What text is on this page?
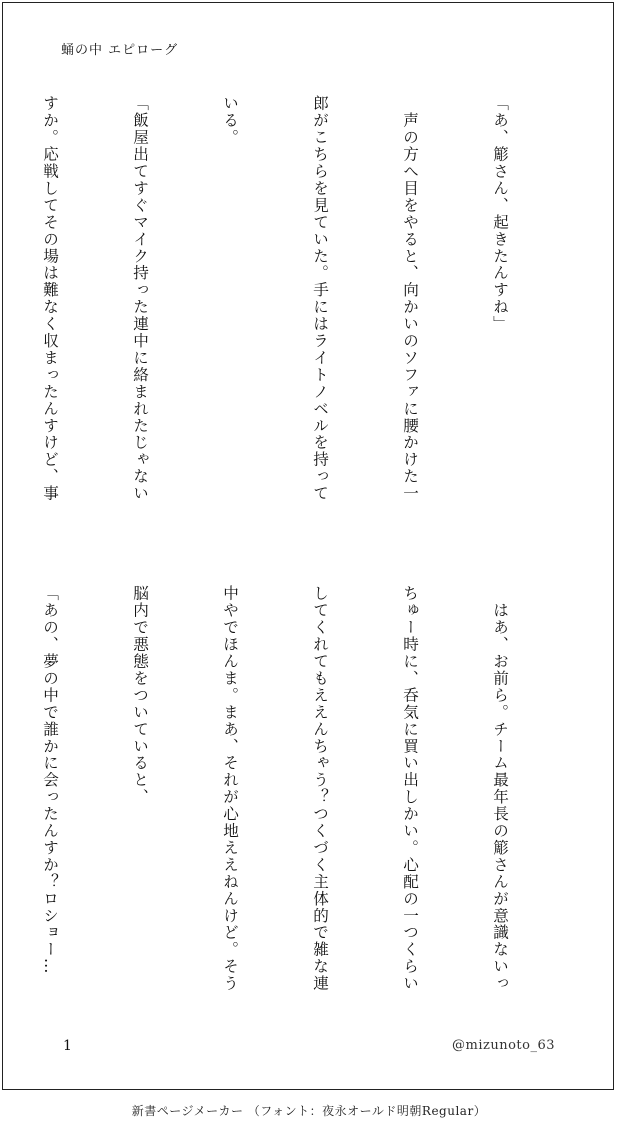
蛹の中 エピローグ

「あ、簓さん、起きたんすね」

　声の方へ目をやると、向かいのソファに腰かけた一

郎がこちらを見ていた。手にはライトノベルを持って

いる。

「飯屋出てすぐマイク持った連中に絡まれたじゃない

すか。応戦してその場は難なく収まったんすけど、事

　はあ、お前ら。チーム最年長の簓さんが意識ないっ

ちゅー時に、呑気に買い出しかい。心配の一つくらい

してくれてもええんちゃう？つくづく主体的で雑な連

中やでほんま。まあ、それが心地ええねんけど。そう

脳内で悪態をついていると、

「あの、夢の中で誰かに会ったんすか？ロショー…

1	@mizunoto_63
新書ページメーカー （フォント：夜永オールド明朝Regular）
